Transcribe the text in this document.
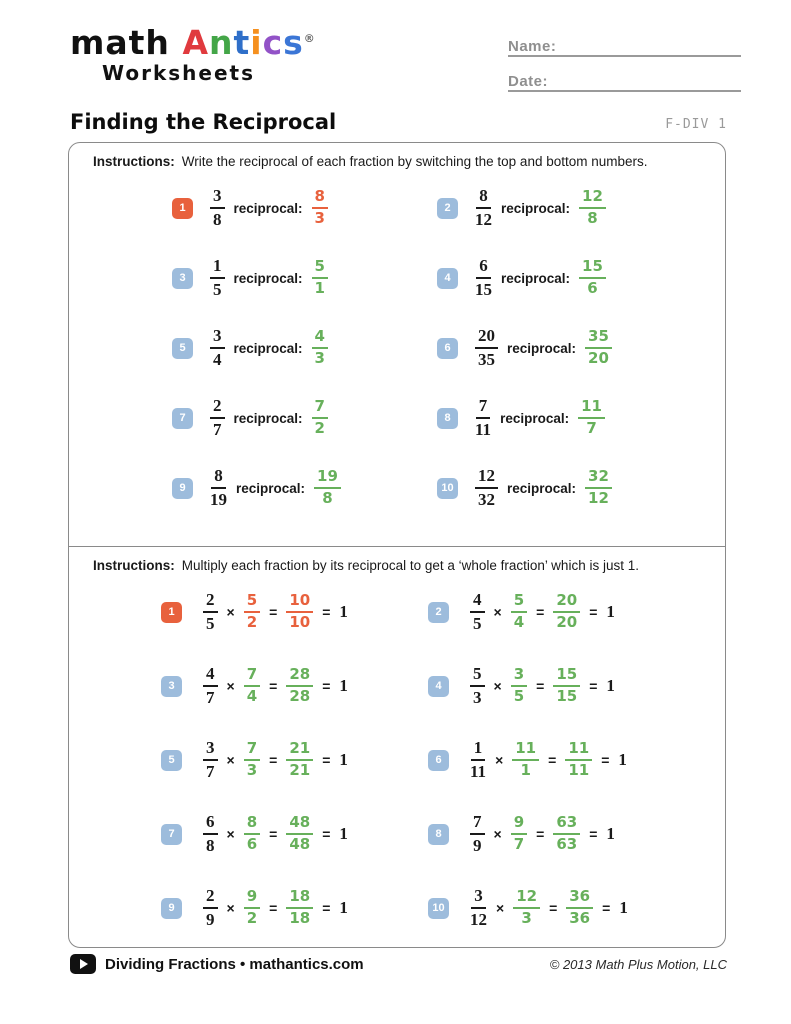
math Antics®
Worksheets
Name:
Date:
Finding the Reciprocal	F-DIV 1
Instructions: Write the reciprocal of each fraction by switching the top and bottom numbers.
1	$\frac{3}{8}$ reciprocal: $\frac{8}{3}$	2	$\frac{8}{12}$ reciprocal: $\frac{12}{8}$
3	$\frac{1}{5}$ reciprocal: $\frac{5}{1}$	4	$\frac{6}{15}$ reciprocal: $\frac{15}{6}$
5	$\frac{3}{4}$ reciprocal: $\frac{4}{3}$	6	$\frac{20}{35}$ reciprocal: $\frac{35}{20}$
7	$\frac{2}{7}$ reciprocal: $\frac{7}{2}$	8	$\frac{7}{11}$ reciprocal: $\frac{11}{7}$
9	$\frac{8}{19}$ reciprocal: $\frac{19}{8}$	$10 \frac{12}{32}$ reciprocal: $\frac{32}{12}$
Instructions: Multiply each fraction by its reciprocal to get a ‘whole fraction’ which is just 1.
1	$\frac{2}{5} \times \frac{5}{2} = \frac{10}{10} = 1$	2	$\frac{4}{5} \times \frac{5}{4} = \frac{20}{20} = 1$
3	$\frac{4}{7} \times \frac{7}{4} = \frac{28}{28} = 1$	4	$\frac{5}{3} \times \frac{3}{5} = \frac{15}{15} = 1$
5	$\frac{3}{7} \times \frac{7}{3} = \frac{21}{21} = 1$	6	$\frac{1}{11} \times \frac{11}{1} = \frac{11}{11} = 1$
7	$\frac{6}{8} \times \frac{8}{6} = \frac{48}{48} = 1$	8	$\frac{7}{9} \times \frac{9}{7} = \frac{63}{63} = 1$
9	$\frac{2}{9} \times \frac{9}{2} = \frac{18}{18} = 1$	$10 \frac{3}{12} \times \frac{12}{3} = \frac{36}{36} = 1$
Dividing Fractions • mathantics.com	© 2013 Math Plus Motion, LLC
